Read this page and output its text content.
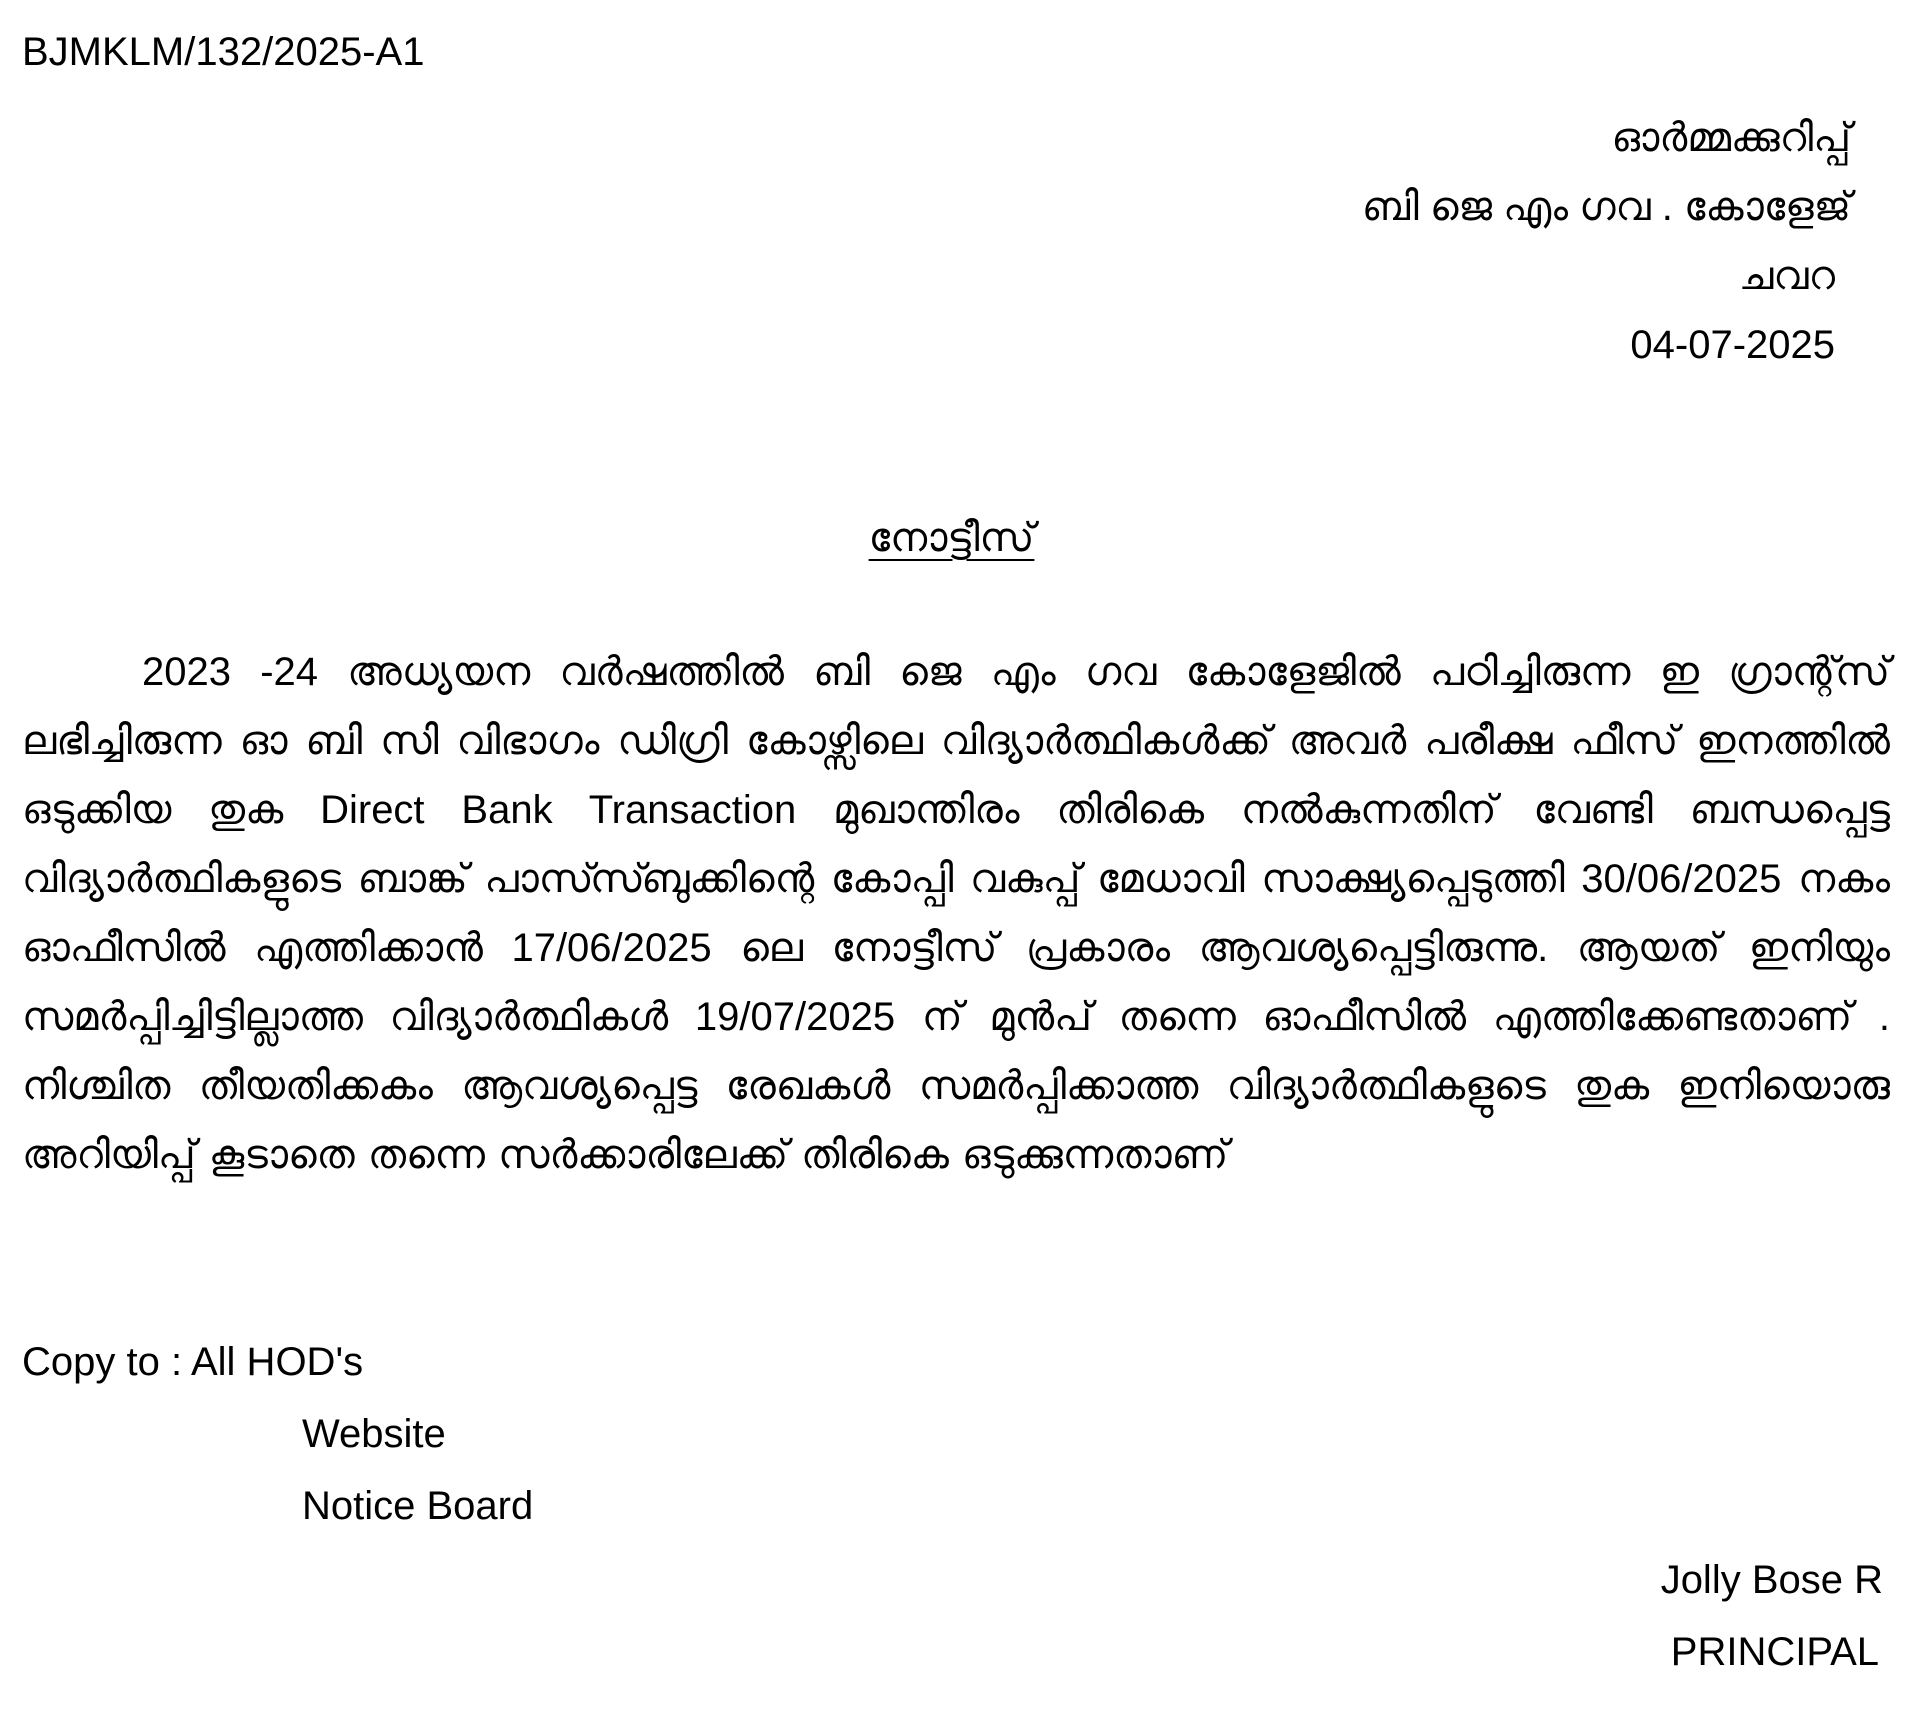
BJMKLM/132/2025-A1
ഓർമ്മക്കുറിപ്പ്
ബി ജെ എം ഗവ . കോളേജ്
ചവറ
04-07-2025
നോട്ടീസ്

2023 -24 അധ്യയന വർഷത്തിൽ ബി ജെ എം ഗവ കോളേജിൽ പഠിച്ചിരുന്ന ഇ ഗ്രാന്റ്സ് ലഭിച്ചിരുന്ന ഓ ബി സി വിഭാഗം ഡിഗ്രി കോഴ്സിലെ വിദ്യാർത്ഥികൾക്ക് അവർ പരീക്ഷ ഫീസ് ഇനത്തിൽ ഒടുക്കിയ തുക Direct Bank Transaction മുഖാന്തിരം തിരികെ നൽകുന്നതിന് വേണ്ടി ബന്ധപ്പെട്ട വിദ്യാർത്ഥികളുടെ ബാങ്ക് പാസ്സ്ബുക്കിന്റെ കോപ്പി വകുപ്പ് മേധാവി സാക്ഷ്യപ്പെടുത്തി 30/06/2025 നകം ഓഫീസിൽ എത്തിക്കാൻ 17/06/2025 ലെ നോട്ടീസ് പ്രകാരം ആവശ്യപ്പെട്ടിരുന്നു. ആയത് ഇനിയും സമർപ്പിച്ചിട്ടില്ലാത്ത വിദ്യാർത്ഥികൾ 19/07/2025 ന് മുൻപ് തന്നെ ഓഫീസിൽ എത്തിക്കേണ്ടതാണ് . നിശ്ചിത തീയതിക്കകം ആവശ്യപ്പെട്ട രേഖകൾ സമർപ്പിക്കാത്ത വിദ്യാർത്ഥികളുടെ തുക ഇനിയൊരു അറിയിപ്പ് കൂടാതെ തന്നെ സർക്കാരിലേക്ക് തിരികെ ഒടുക്കുന്നതാണ്

Copy to : All HOD's
Website
Notice Board
Jolly Bose R
PRINCIPAL
